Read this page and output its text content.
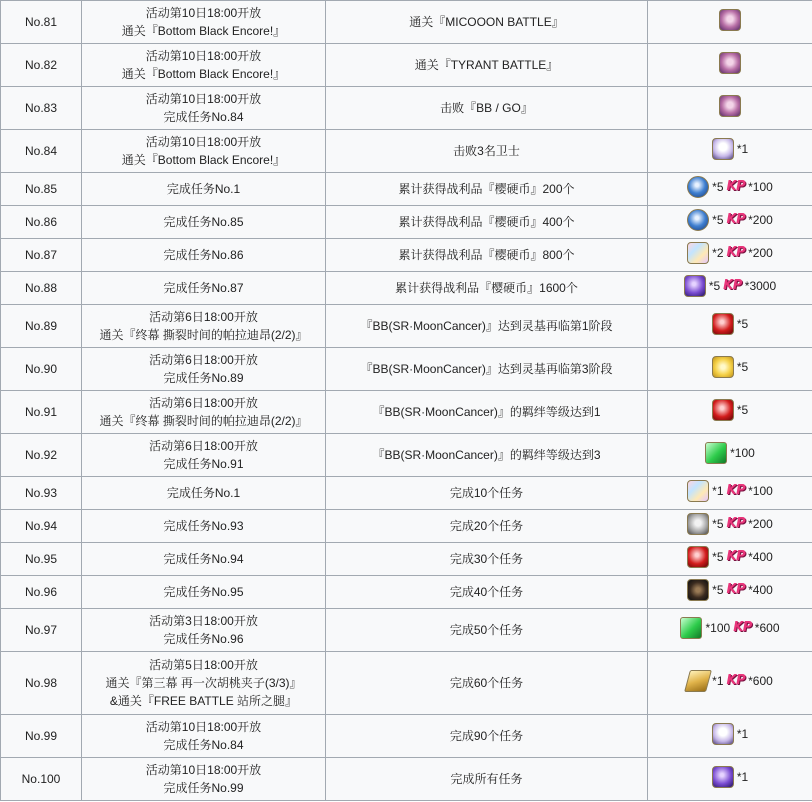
No.81	活动第10日18:00开放
通关『Bottom Black Encore!』	通关『MICOOON BATTLE』	

No.82	活动第10日18:00开放
通关『Bottom Black Encore!』	通关『TYRANT BATTLE』	

No.83	活动第10日18:00开放
完成任务No.84	击败『BB / GO』	

No.84	活动第10日18:00开放
通关『Bottom Black Encore!』	击败3名卫士	*1

No.85	完成任务No.1	累计获得战利品『樱硬币』200个	*5 KP *100

No.86	完成任务No.85	累计获得战利品『樱硬币』400个	*5 KP *200

No.87	完成任务No.86	累计获得战利品『樱硬币』800个	*2 KP *200

No.88	完成任务No.87	累计获得战利品『樱硬币』1600个	*5 KP *3000

No.89	活动第6日18:00开放
通关『终幕 撕裂时间的帕拉迪昂(2/2)』	『BB(SR·MoonCancer)』达到灵基再临第1阶段	*5

No.90	活动第6日18:00开放
完成任务No.89	『BB(SR·MoonCancer)』达到灵基再临第3阶段	*5

No.91	活动第6日18:00开放
通关『终幕 撕裂时间的帕拉迪昂(2/2)』	『BB(SR·MoonCancer)』的羁绊等级达到1	*5

No.92	活动第6日18:00开放
完成任务No.91	『BB(SR·MoonCancer)』的羁绊等级达到3	*100

No.93	完成任务No.1	完成10个任务	*1 KP *100

No.94	完成任务No.93	完成20个任务	*5 KP *200

No.95	完成任务No.94	完成30个任务	*5 KP *400

No.96	完成任务No.95	完成40个任务	*5 KP *400

No.97	活动第3日18:00开放
完成任务No.96	完成50个任务	*100 KP *600

No.98	活动第5日18:00开放
通关『第三幕 再一次胡桃夹子(3/3)』
&通关『FREE BATTLE 站所之腿』	完成60个任务	*1 KP *600

No.99	活动第10日18:00开放
完成任务No.84	完成90个任务	*1

No.100	活动第10日18:00开放
完成任务No.99	完成所有任务	*1
